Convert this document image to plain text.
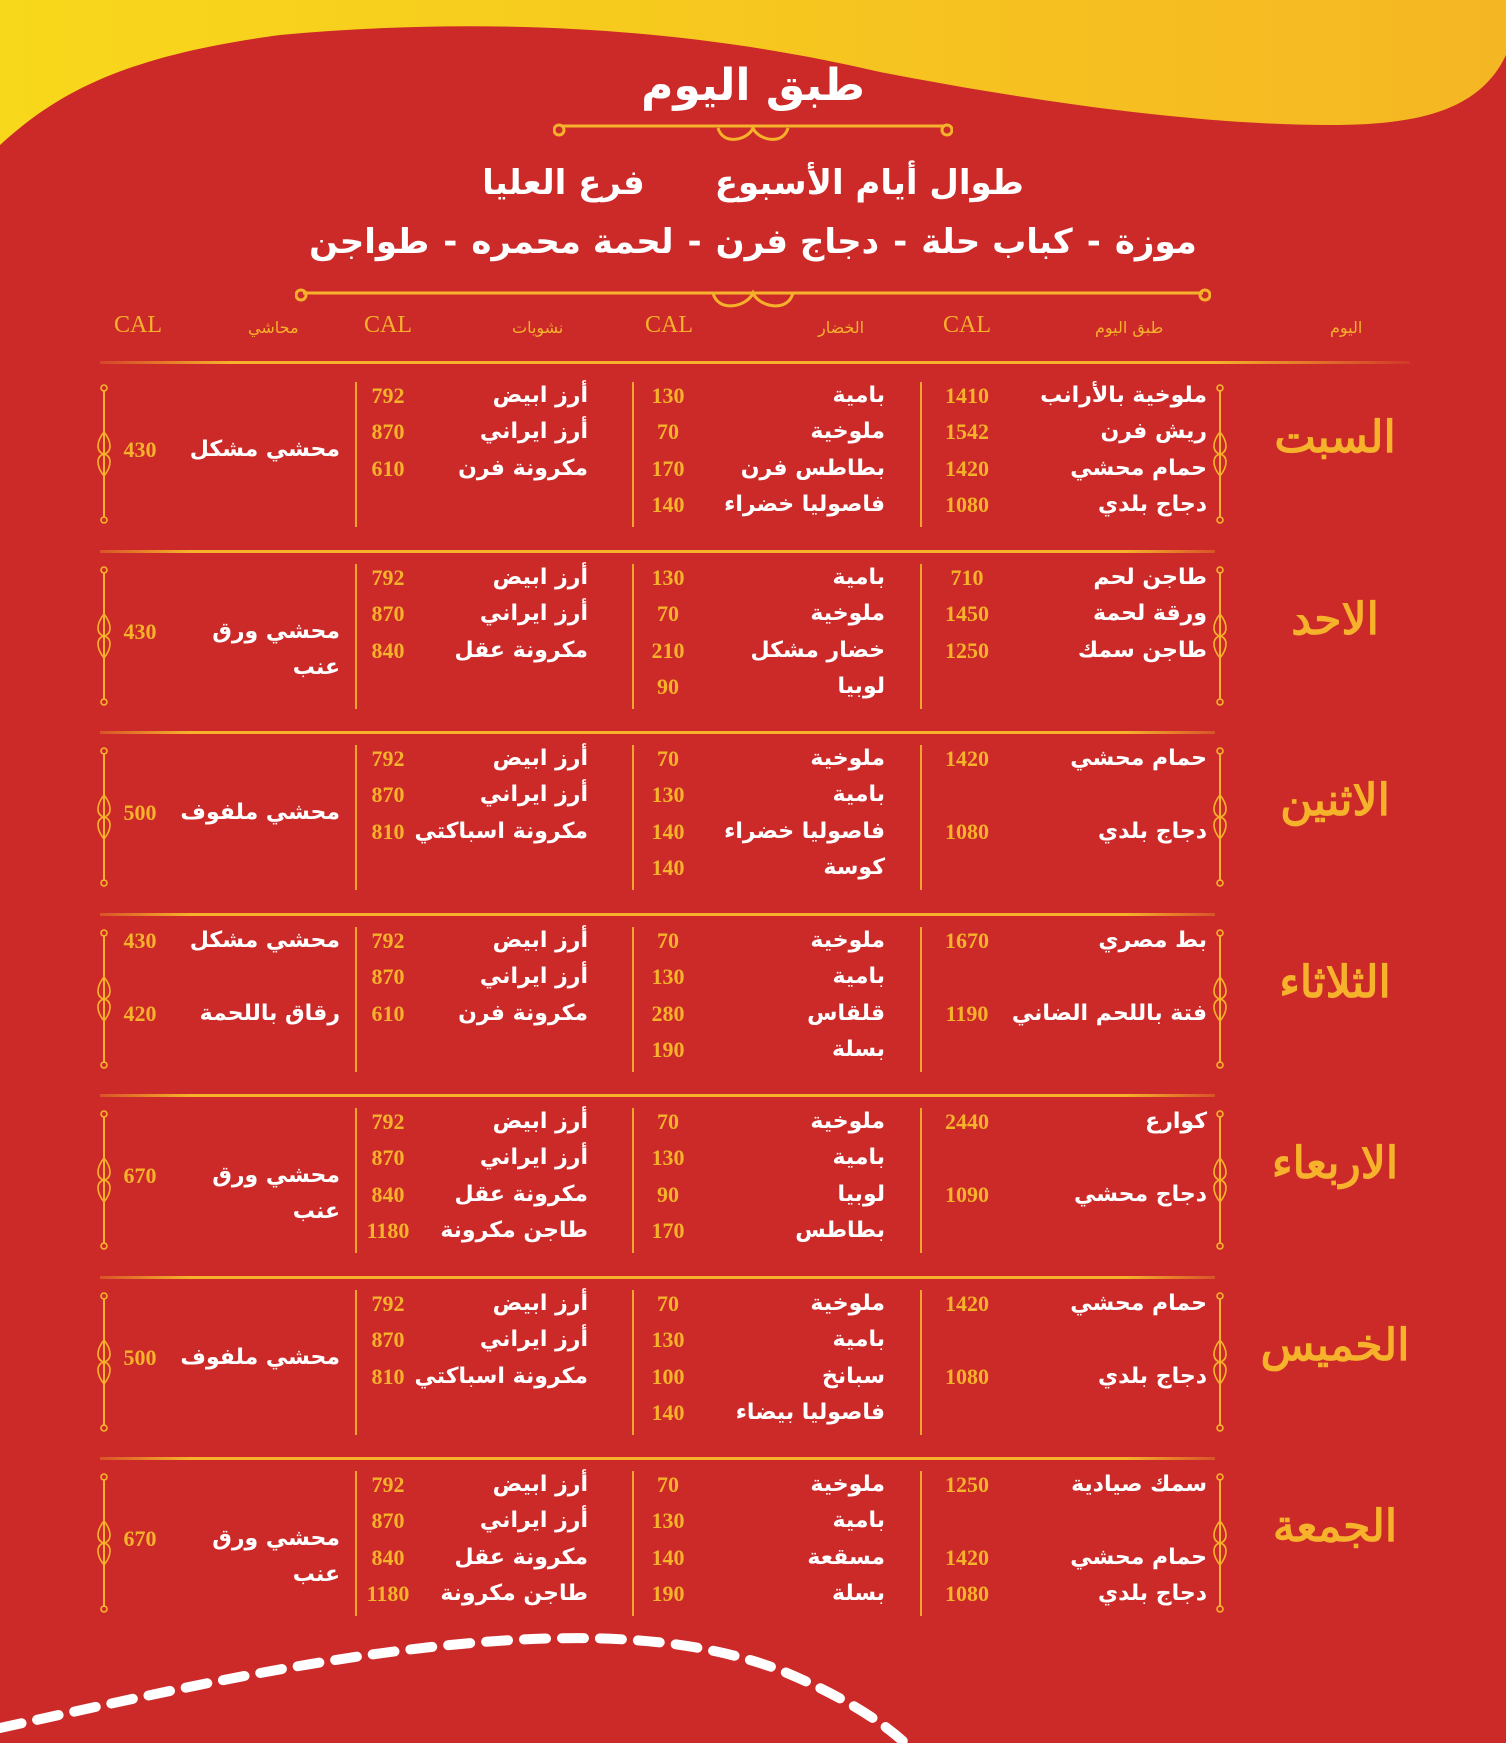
طبق اليوم
طوال أيام الأسبوع
فرع العليا
موزة-كباب حلة-دجاج فرن-لحمة محمره-طواجن
اليوم
طبق اليوم
CAL
الخضار
CAL
نشويات
CAL
محاشي
CAL
السبت
ملوخية بالأرانب
1410
ريش فرن
1542
حمام محشي
1420
دجاج بلدي
1080
بامية
130
ملوخية
70
بطاطس فرن
170
فاصوليا خضراء
140
أرز ابيض
792
أرز ايراني
870
مكرونة فرن
610
محشي مشكل
430
الاحد
طاجن لحم
710
ورقة لحمة
1450
طاجن سمك
1250
بامية
130
ملوخية
70
خضار مشكل
210
لوبيا
90
أرز ابيض
792
أرز ايراني
870
مكرونة عقل
840
محشي ورق عنب
430
الاثنين
حمام محشي
1420
دجاج بلدي
1080
ملوخية
70
بامية
130
فاصوليا خضراء
140
كوسة
140
أرز ابيض
792
أرز ايراني
870
مكرونة اسباكتي
810
محشي ملفوف
500
الثلاثاء
بط مصري
1670
فتة باللحم الضاني
1190
ملوخية
70
بامية
130
قلقاس
280
بسلة
190
أرز ابيض
792
أرز ايراني
870
مكرونة فرن
610
محشي مشكل
430
رقاق باللحمة
420
الاربعاء
كوارع
2440
دجاج محشي
1090
ملوخية
70
بامية
130
لوبيا
90
بطاطس
170
أرز ابيض
792
أرز ايراني
870
مكرونة عقل
840
طاجن مكرونة
1180
محشي ورق عنب
670
الخميس
حمام محشي
1420
دجاج بلدي
1080
ملوخية
70
بامية
130
سبانخ
100
فاصوليا بيضاء
140
أرز ابيض
792
أرز ايراني
870
مكرونة اسباكتي
810
محشي ملفوف
500
الجمعة
سمك صيادية
1250
حمام محشي
1420
دجاج بلدي
1080
ملوخية
70
بامية
130
مسقعة
140
بسلة
190
أرز ابيض
792
أرز ايراني
870
مكرونة عقل
840
طاجن مكرونة
1180
محشي ورق عنب
670
